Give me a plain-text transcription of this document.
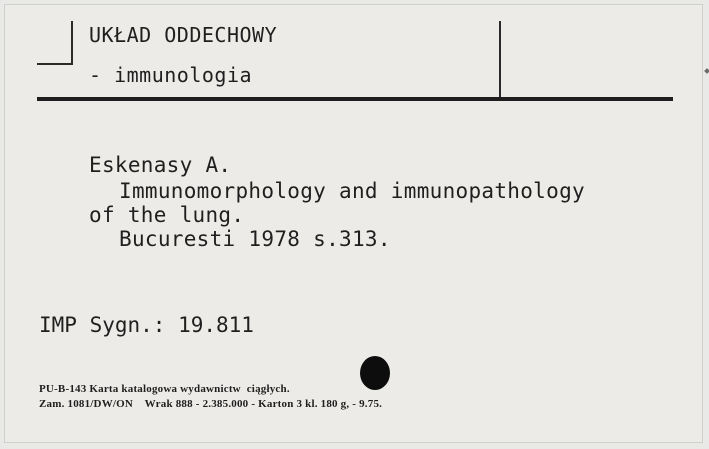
UKŁAD ODDECHOWY
- immunologia
Eskenasy A.
Immunomorphology and immunopathology
of the lung.
Bucuresti 1978 s.313.
IMP Sygn.: 19.811
PU-B-143 Karta katalogowa wydawnictw  ciągłych.
Zam. 1081/DW/ON    Wrak 888 - 2.385.000 - Karton 3 kl. 180 g, - 9.75.
